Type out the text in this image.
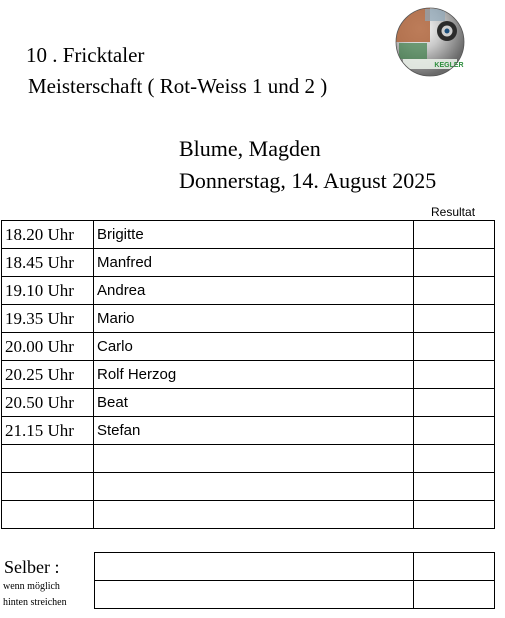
10 . Fricktaler
Meisterschaft ( Rot-Weiss 1 und 2 )
KEGLER
Blume, Magden
Donnerstag, 14. August 2025
Resultat
18.20 Uhr	Brigitte	
18.45 Uhr	Manfred	
19.10 Uhr	Andrea	
19.35 Uhr	Mario	
20.00 Uhr	Carlo	
20.25 Uhr	Rolf Herzog	
20.50 Uhr	Beat	
21.15 Uhr	Stefan	

Selber :
wenn möglich
hinten streichen
